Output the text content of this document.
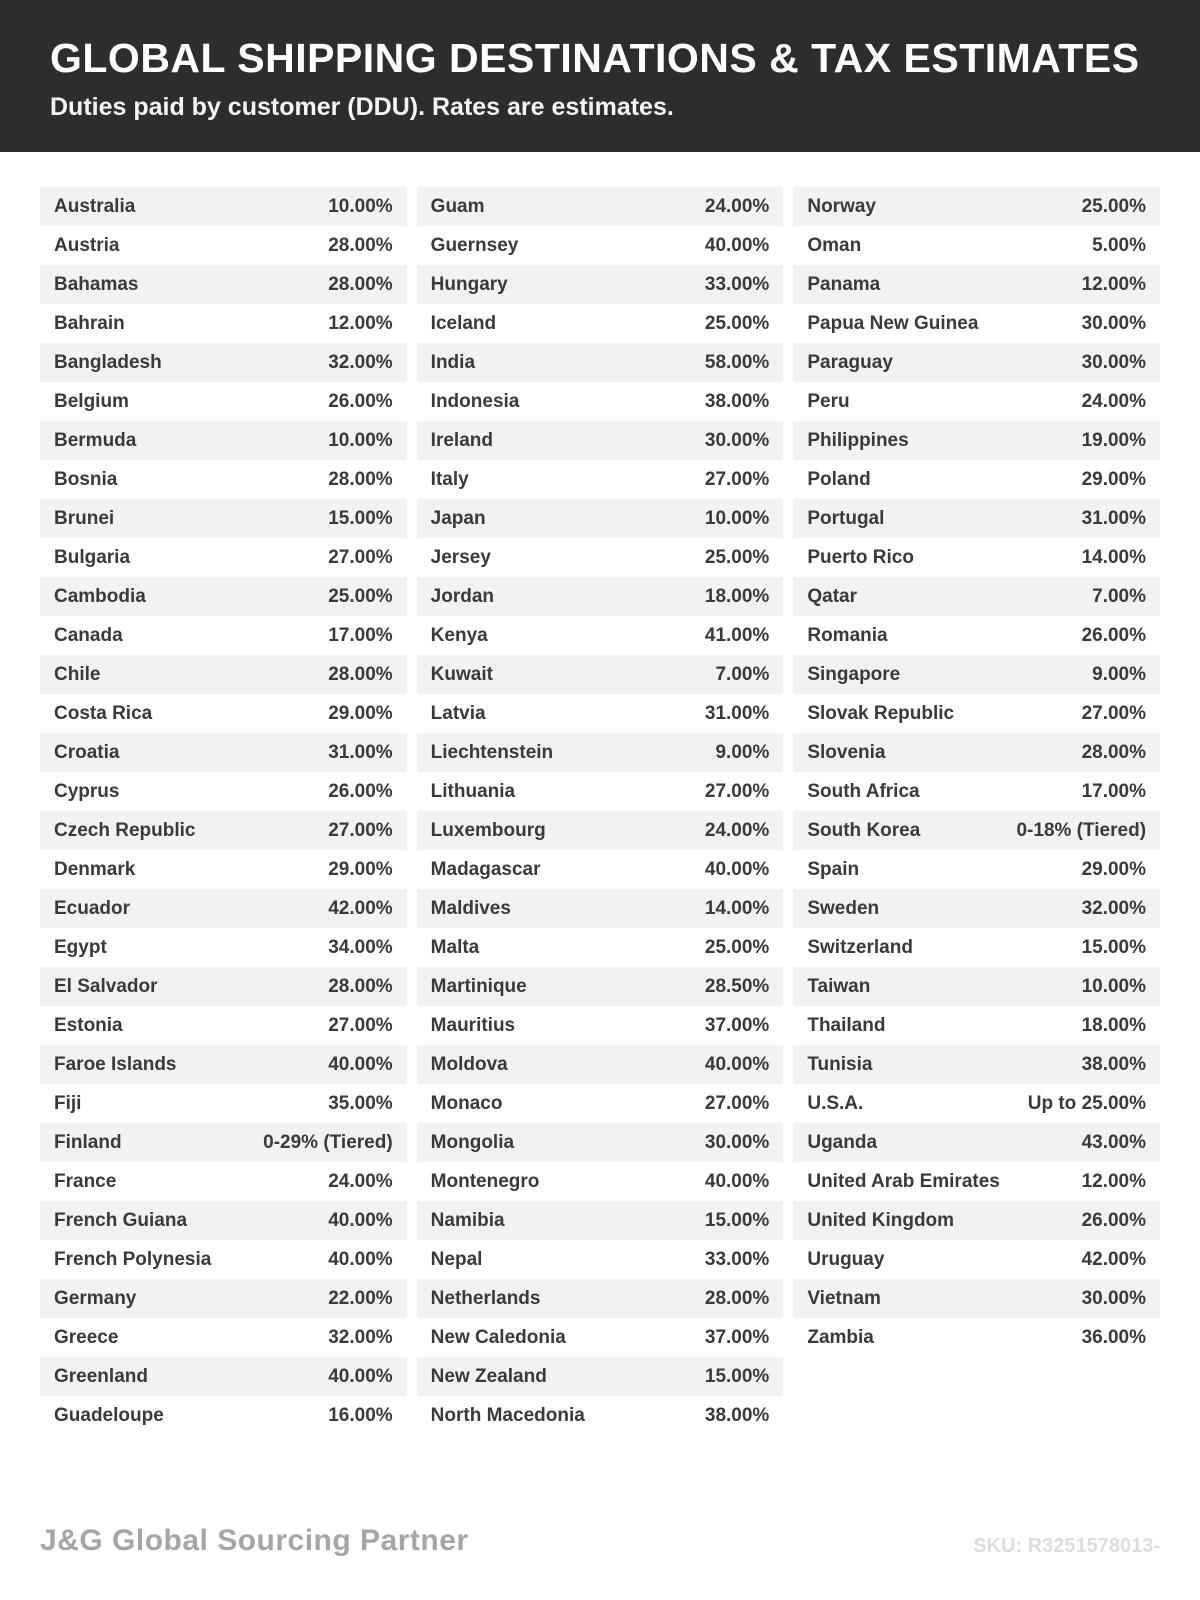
GLOBAL SHIPPING DESTINATIONS & TAX ESTIMATES
Duties paid by customer (DDU). Rates are estimates.
Australia	10.00%
Austria	28.00%
Bahamas	28.00%
Bahrain	12.00%
Bangladesh	32.00%
Belgium	26.00%
Bermuda	10.00%
Bosnia	28.00%
Brunei	15.00%
Bulgaria	27.00%
Cambodia	25.00%
Canada	17.00%
Chile	28.00%
Costa Rica	29.00%
Croatia	31.00%
Cyprus	26.00%
Czech Republic	27.00%
Denmark	29.00%
Ecuador	42.00%
Egypt	34.00%
El Salvador	28.00%
Estonia	27.00%
Faroe Islands	40.00%
Fiji	35.00%
Finland	0-29% (Tiered)
France	24.00%
French Guiana	40.00%
French Polynesia	40.00%
Germany	22.00%
Greece	32.00%
Greenland	40.00%
Guadeloupe	16.00%
Guam	24.00%
Guernsey	40.00%
Hungary	33.00%
Iceland	25.00%
India	58.00%
Indonesia	38.00%
Ireland	30.00%
Italy	27.00%
Japan	10.00%
Jersey	25.00%
Jordan	18.00%
Kenya	41.00%
Kuwait	7.00%
Latvia	31.00%
Liechtenstein	9.00%
Lithuania	27.00%
Luxembourg	24.00%
Madagascar	40.00%
Maldives	14.00%
Malta	25.00%
Martinique	28.50%
Mauritius	37.00%
Moldova	40.00%
Monaco	27.00%
Mongolia	30.00%
Montenegro	40.00%
Namibia	15.00%
Nepal	33.00%
Netherlands	28.00%
New Caledonia	37.00%
New Zealand	15.00%
North Macedonia	38.00%
Norway	25.00%
Oman	5.00%
Panama	12.00%
Papua New Guinea	30.00%
Paraguay	30.00%
Peru	24.00%
Philippines	19.00%
Poland	29.00%
Portugal	31.00%
Puerto Rico	14.00%
Qatar	7.00%
Romania	26.00%
Singapore	9.00%
Slovak Republic	27.00%
Slovenia	28.00%
South Africa	17.00%
South Korea	0-18% (Tiered)
Spain	29.00%
Sweden	32.00%
Switzerland	15.00%
Taiwan	10.00%
Thailand	18.00%
Tunisia	38.00%
U.S.A.	Up to 25.00%
Uganda	43.00%
United Arab Emirates	12.00%
United Kingdom	26.00%
Uruguay	42.00%
Vietnam	30.00%
Zambia	36.00%
J&G Global Sourcing Partner	SKU: R3251578013-
